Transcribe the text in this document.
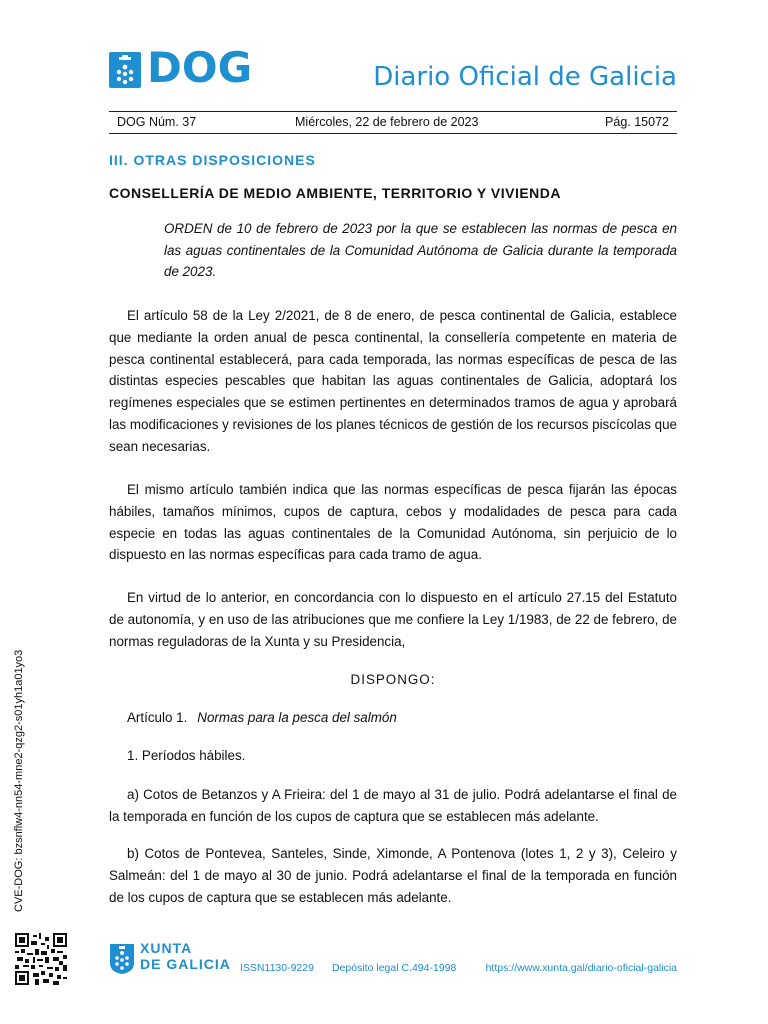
DOG	Diario Oficial de Galicia
DOG Núm. 37	Miércoles, 22 de febrero de 2023	Pág. 15072
III. OTRAS DISPOSICIONES
CONSELLERÍA DE MEDIO AMBIENTE, TERRITORIO Y VIVIENDA
ORDEN de 10 de febrero de 2023 por la que se establecen las normas de pesca en las aguas continentales de la Comunidad Autónoma de Galicia durante la temporada de 2023.
El artículo 58 de la Ley 2/2021, de 8 de enero, de pesca continental de Galicia, establece que mediante la orden anual de pesca continental, la consellería competente en materia de pesca continental establecerá, para cada temporada, las normas específicas de pesca de las distintas especies pescables que habitan las aguas continentales de Galicia, adoptará los regímenes especiales que se estimen pertinentes en determinados tramos de agua y aprobará las modificaciones y revisiones de los planes técnicos de gestión de los recursos piscícolas que sean necesarias.
El mismo artículo también indica que las normas específicas de pesca fijarán las épocas hábiles, tamaños mínimos, cupos de captura, cebos y modalidades de pesca para cada especie en todas las aguas continentales de la Comunidad Autónoma, sin perjuicio de lo dispuesto en las normas específicas para cada tramo de agua.
En virtud de lo anterior, en concordancia con lo dispuesto en el artículo 27.15 del Estatuto de autonomía, y en uso de las atribuciones que me confiere la Ley 1/1983, de 22 de febrero, de normas reguladoras de la Xunta y su Presidencia,
DISPONGO:
Artículo 1. Normas para la pesca del salmón
1. Períodos hábiles.
a) Cotos de Betanzos y A Frieira: del 1 de mayo al 31 de julio. Podrá adelantarse el final de la temporada en función de los cupos de captura que se establecen más adelante.
b) Cotos de Pontevea, Santeles, Sinde, Ximonde, A Pontenova (lotes 1, 2 y 3), Celeiro y Salmeán: del 1 de mayo al 30 de junio. Podrá adelantarse el final de la temporada en función de los cupos de captura que se establecen más adelante.
CVE-DOG: bzsnflw4-nn54-mne2-qzg2-s01yh1a01yo3
XUNTA
DE GALICIA ISSN1130-9229 Depósito legal C.494-1998	https://www.xunta.gal/diario-oficial-galicia
